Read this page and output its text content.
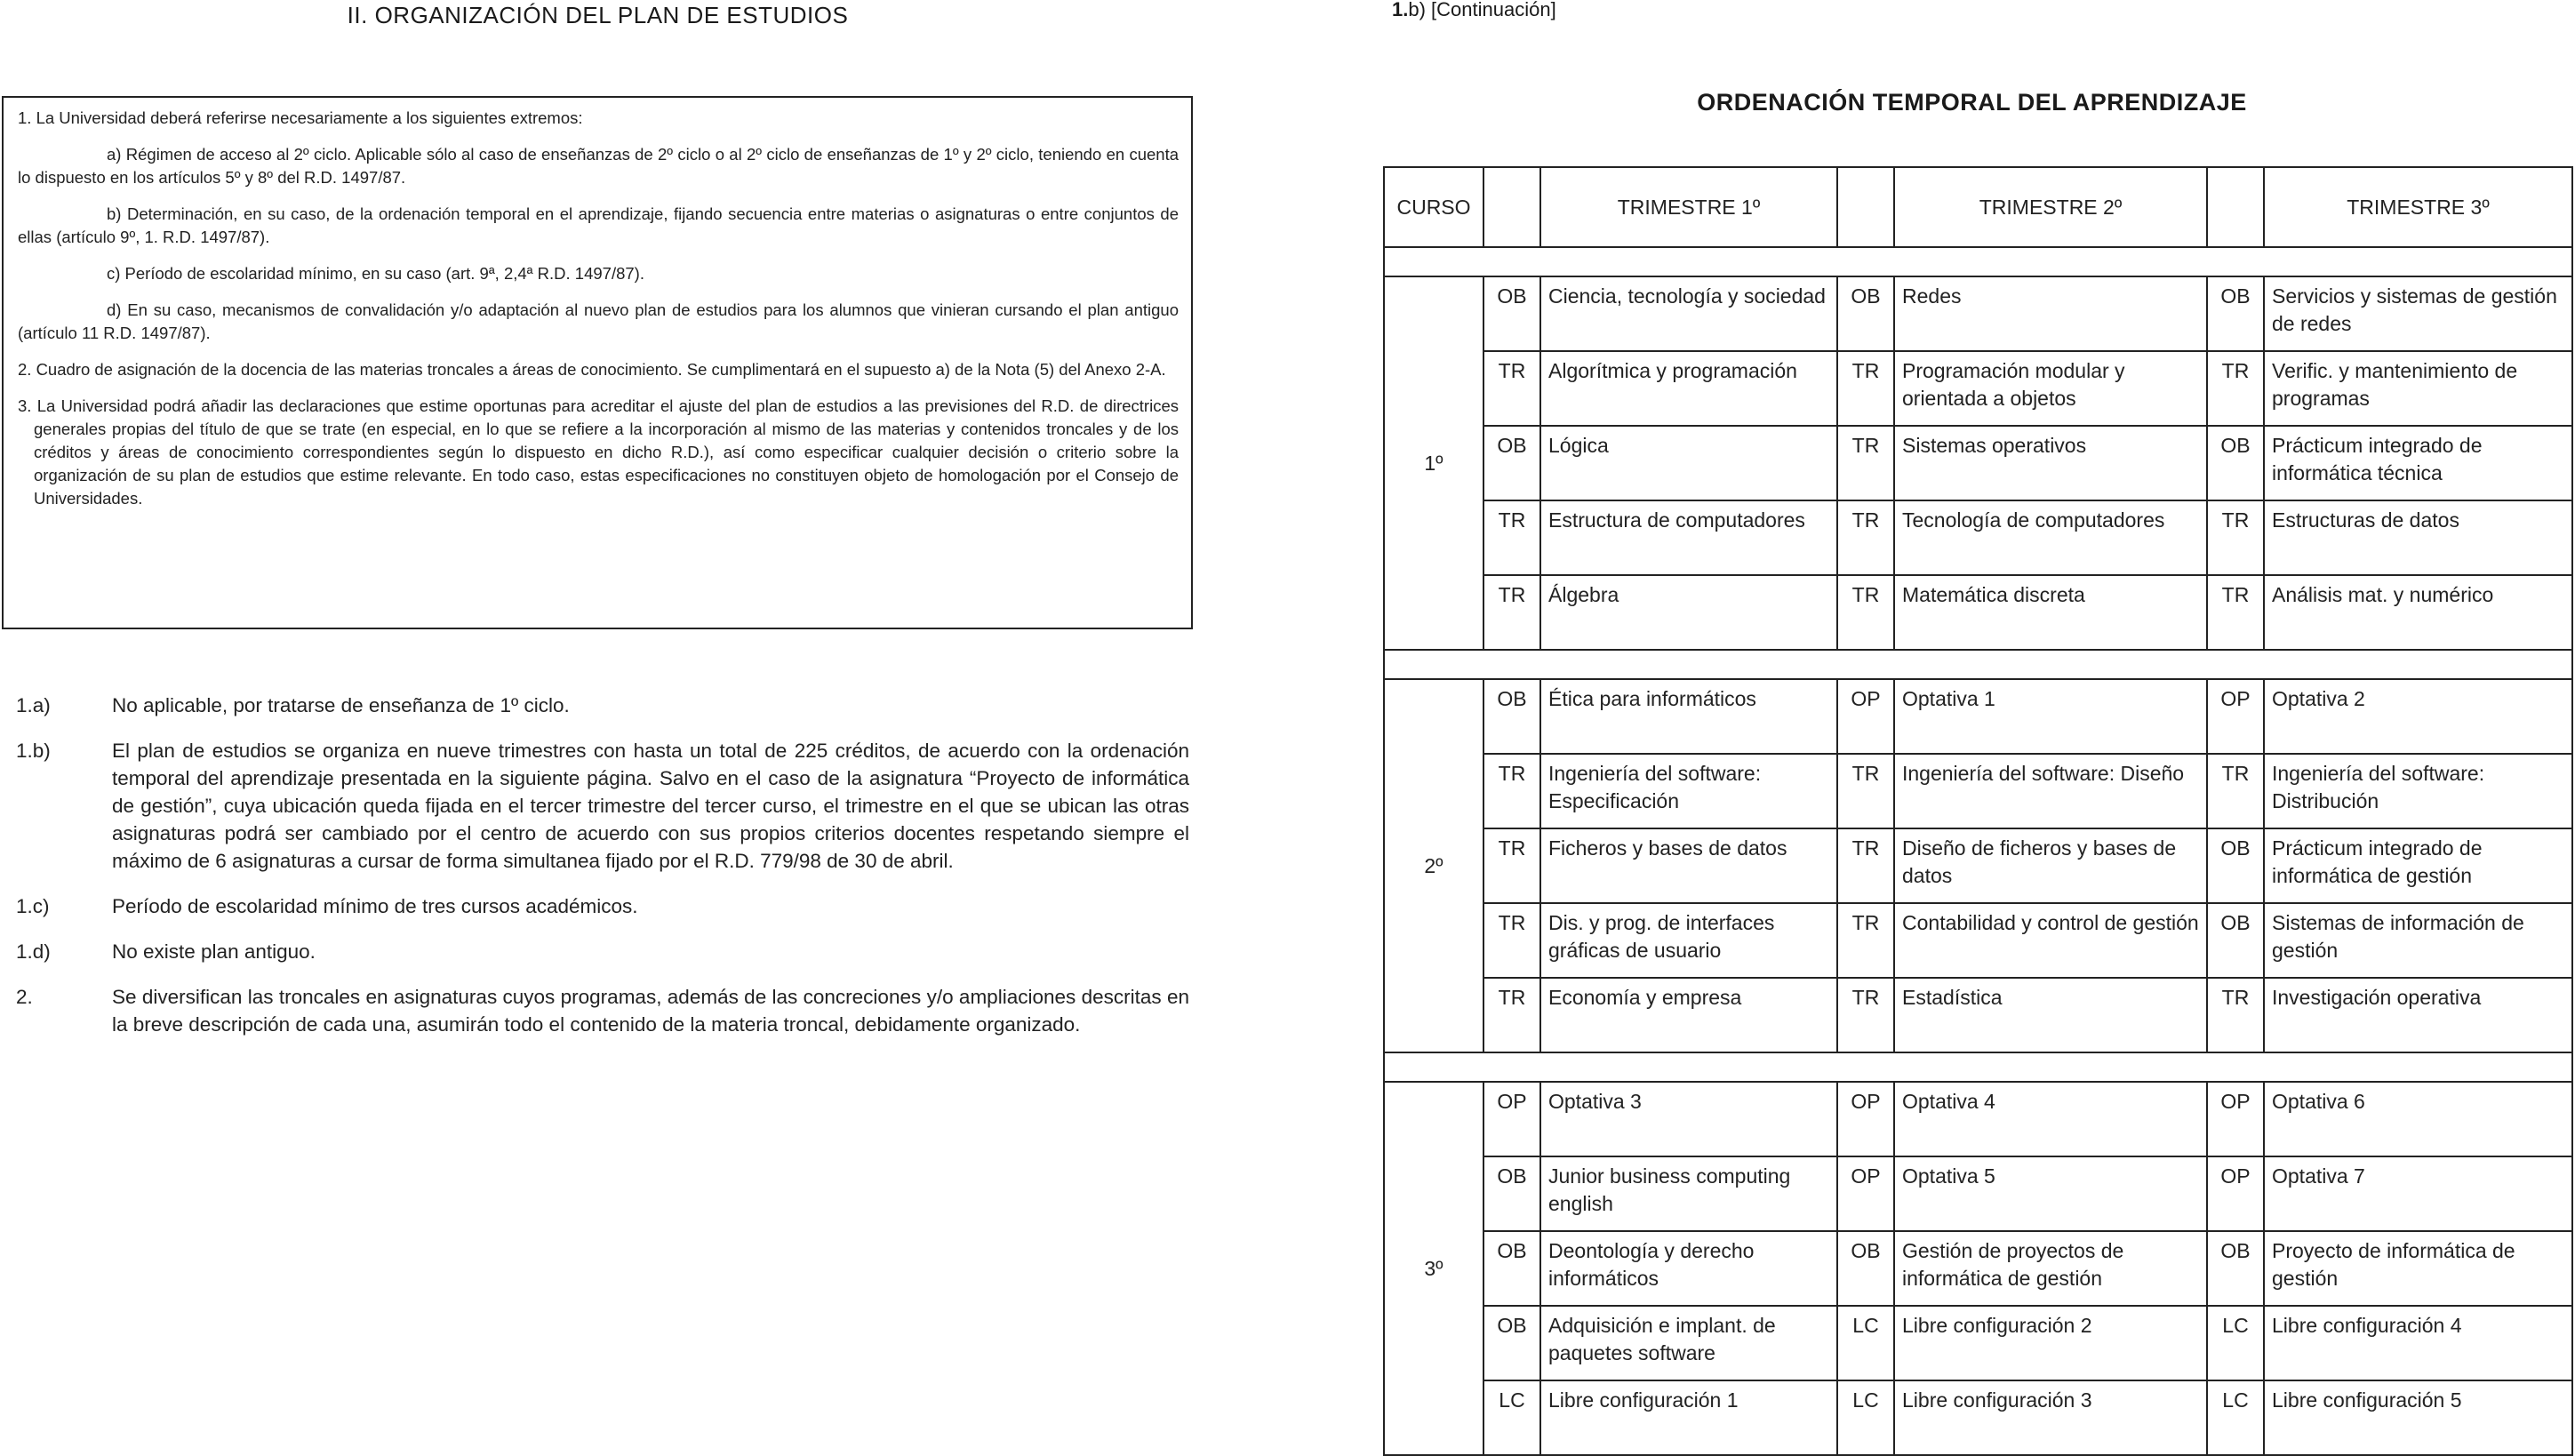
II. ORGANIZACIÓN DEL PLAN DE ESTUDIOS

1. La Universidad deberá referirse necesariamente a los siguientes extremos:

a) Régimen de acceso al 2º ciclo. Aplicable sólo al caso de enseñanzas de 2º ciclo o al 2º ciclo de enseñanzas de 1º y 2º ciclo, teniendo en cuenta lo dispuesto en los artículos 5º y 8º del R.D. 1497/87.

b) Determinación, en su caso, de la ordenación temporal en el aprendizaje, fijando secuencia entre materias o asignaturas o entre conjuntos de ellas (artículo 9º, 1. R.D. 1497/87).

c) Período de escolaridad mínimo, en su caso (art. 9ª, 2,4ª R.D. 1497/87).

d) En su caso, mecanismos de convalidación y/o adaptación al nuevo plan de estudios para los alumnos que vinieran cursando el plan antiguo (artículo 11 R.D. 1497/87).

2. Cuadro de asignación de la docencia de las materias troncales a áreas de conocimiento. Se cumplimentará en el supuesto a) de la Nota (5) del Anexo 2-A.

3. La Universidad podrá añadir las declaraciones que estime oportunas para acreditar el ajuste del plan de estudios a las previsiones del R.D. de directrices generales propias del título de que se trate (en especial, en lo que se refiere a la incorporación al mismo de las materias y contenidos troncales y de los créditos y áreas de conocimiento correspondientes según lo dispuesto en dicho R.D.), así como especificar cualquier decisión o criterio sobre la organización de su plan de estudios que estime relevante. En todo caso, estas especificaciones no constituyen objeto de homologación por el Consejo de Universidades.

1.a)	No aplicable, por tratarse de enseñanza de 1º ciclo.
1.b)	El plan de estudios se organiza en nueve trimestres con hasta un total de 225 créditos, de acuerdo con la ordenación temporal del aprendizaje presentada en la siguiente página. Salvo en el caso de la asignatura “Proyecto de informática de gestión”, cuya ubicación queda fijada en el tercer trimestre del tercer curso, el trimestre en el que se ubican las otras asignaturas podrá ser cambiado por el centro de acuerdo con sus propios criterios docentes respetando siempre el máximo de 6 asignaturas a cursar de forma simultanea fijado por el R.D. 779/98 de 30 de abril.
1.c)	Período de escolaridad mínimo de tres cursos académicos.
1.d)	No existe plan antiguo.
2.	Se diversifican las troncales en asignaturas cuyos programas, además de las concreciones y/o ampliaciones descritas en la breve descripción de cada una, asumirán todo el contenido de la materia troncal, debidamente organizado.
1.b) [Continuación]
ORDENACIÓN TEMPORAL DEL APRENDIZAJE
CURSO		TRIMESTRE 1º		TRIMESTRE 2º		TRIMESTRE 3º

1º	OB	Ciencia, tecnología y sociedad	OB	Redes	OB	Servicios y sistemas de gestión de redes
	TR	Algorítmica y programación	TR	Programación modular y orientada a objetos	TR	Verific. y mantenimiento de programas
	OB	Lógica	TR	Sistemas operativos	OB	Prácticum integrado de informática técnica
	TR	Estructura de computadores	TR	Tecnología de computadores	TR	Estructuras de datos
	TR	Álgebra	TR	Matemática discreta	TR	Análisis mat. y numérico

2º	OB	Ética para informáticos	OP	Optativa 1	OP	Optativa 2
	TR	Ingeniería del software: Especificación	TR	Ingeniería del software: Diseño	TR	Ingeniería del software: Distribución
	TR	Ficheros y bases de datos	TR	Diseño de ficheros y bases de datos	OB	Prácticum integrado de informática de gestión
	TR	Dis. y prog. de interfaces gráficas de usuario	TR	Contabilidad y control de gestión	OB	Sistemas de información de gestión
	TR	Economía y empresa	TR	Estadística	TR	Investigación operativa

3º	OP	Optativa 3	OP	Optativa 4	OP	Optativa 6
	OB	Junior business computing english	OP	Optativa 5	OP	Optativa 7
	OB	Deontología y derecho informáticos	OB	Gestión de proyectos de informática de gestión	OB	Proyecto de informática de gestión
	OB	Adquisición e implant. de paquetes software	LC	Libre configuración 2	LC	Libre configuración 4
	LC	Libre configuración 1	LC	Libre configuración 3	LC	Libre configuración 5
